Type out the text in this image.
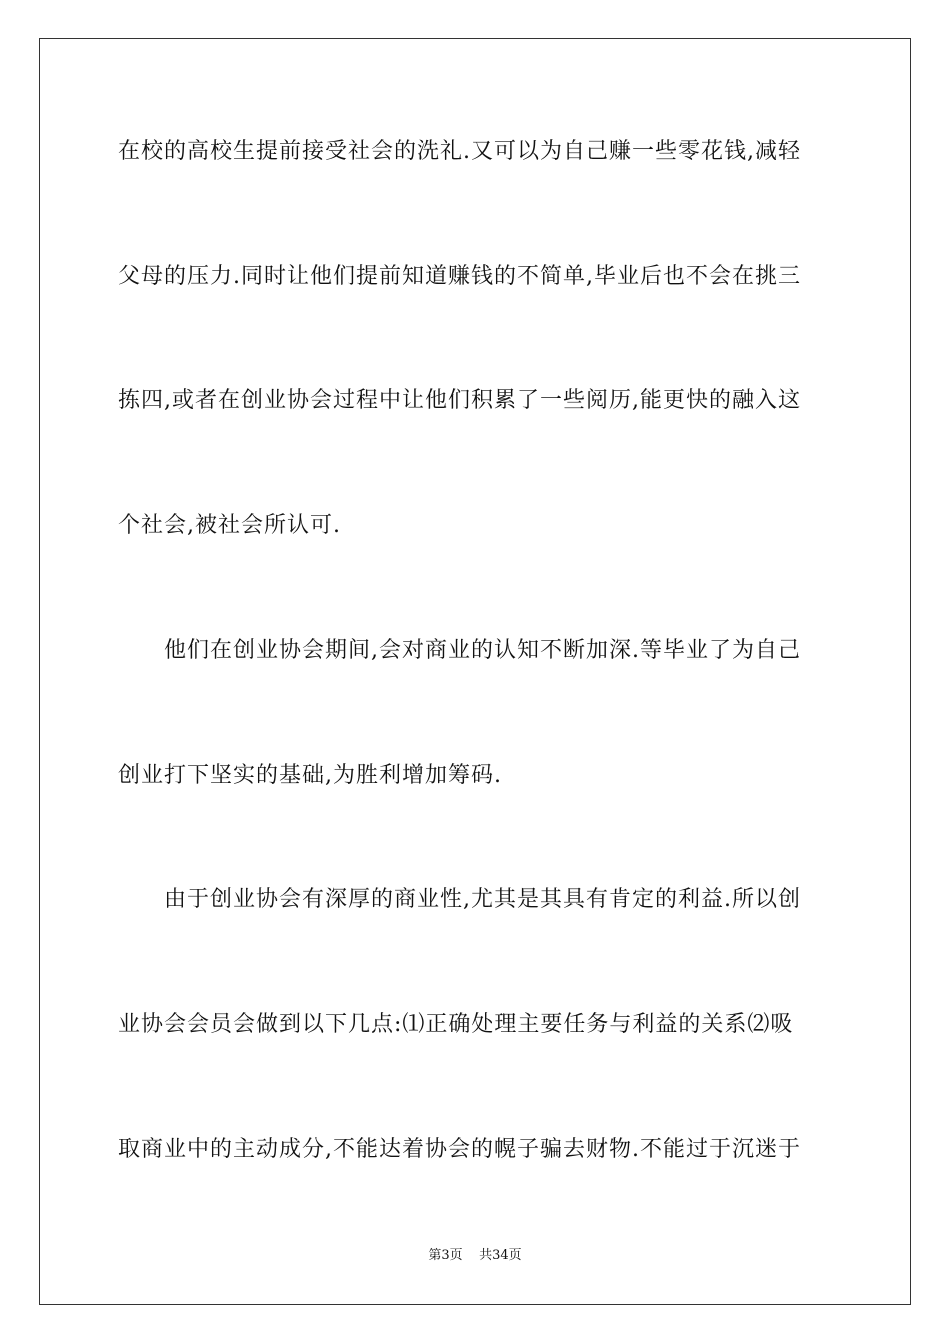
在校的高校生提前接受社会的洗礼.又可以为自己赚一些零花钱,减轻
父母的压力.同时让他们提前知道赚钱的不简单,毕业后也不会在挑三
拣四,或者在创业协会过程中让他们积累了一些阅历,能更快的融入这
个社会,被社会所认可.
他们在创业协会期间,会对商业的认知不断加深.等毕业了为自己
创业打下坚实的基础,为胜利增加筹码.
由于创业协会有深厚的商业性,尤其是其具有肯定的利益.所以创
业协会会员会做到以下几点:⑴正确处理主要任务与利益的关系⑵吸
取商业中的主动成分,不能达着协会的幌子骗去财物.不能过于沉迷于
第3页 共34页
